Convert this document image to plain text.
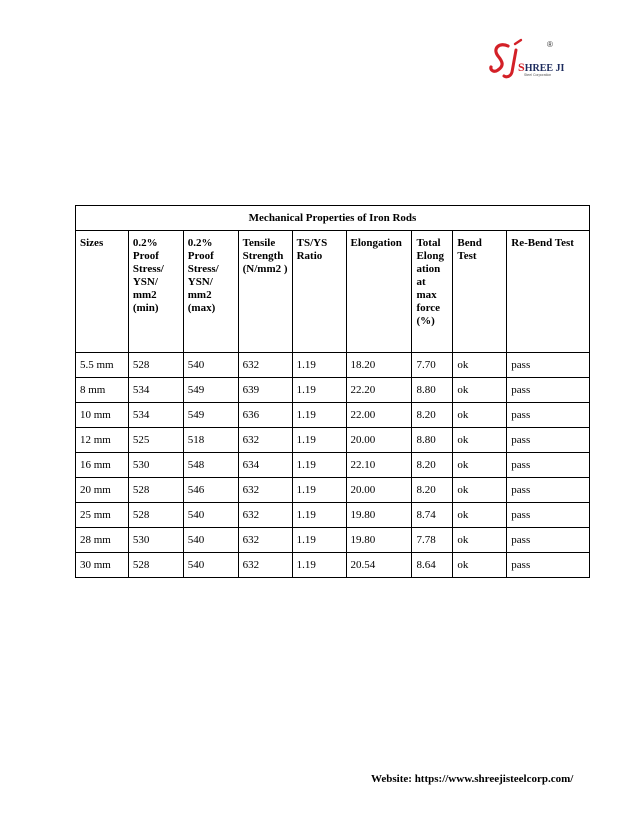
®
SHREE JI
Steel Corporation
Mechanical Properties of Iron Rods								
Sizes	0.2% Proof Stress/ YSN/ mm2 (min)	0.2% Proof Stress/ YSN/ mm2 (max)	Tensile Strength (N/mm2 )	TS/YS Ratio	Elongation	Total Elong ation at max force (%)	Bend Test	Re-Bend Test
5.5 mm	528	540	632	1.19	18.20	7.70	ok	pass
8 mm	534	549	639	1.19	22.20	8.80	ok	pass
10 mm	534	549	636	1.19	22.00	8.20	ok	pass
12 mm	525	518	632	1.19	20.00	8.80	ok	pass
16 mm	530	548	634	1.19	22.10	8.20	ok	pass
20 mm	528	546	632	1.19	20.00	8.20	ok	pass
25 mm	528	540	632	1.19	19.80	8.74	ok	pass
28 mm	530	540	632	1.19	19.80	7.78	ok	pass
30 mm	528	540	632	1.19	20.54	8.64	ok	pass
Website: https://www.shreejisteelcorp.com/
